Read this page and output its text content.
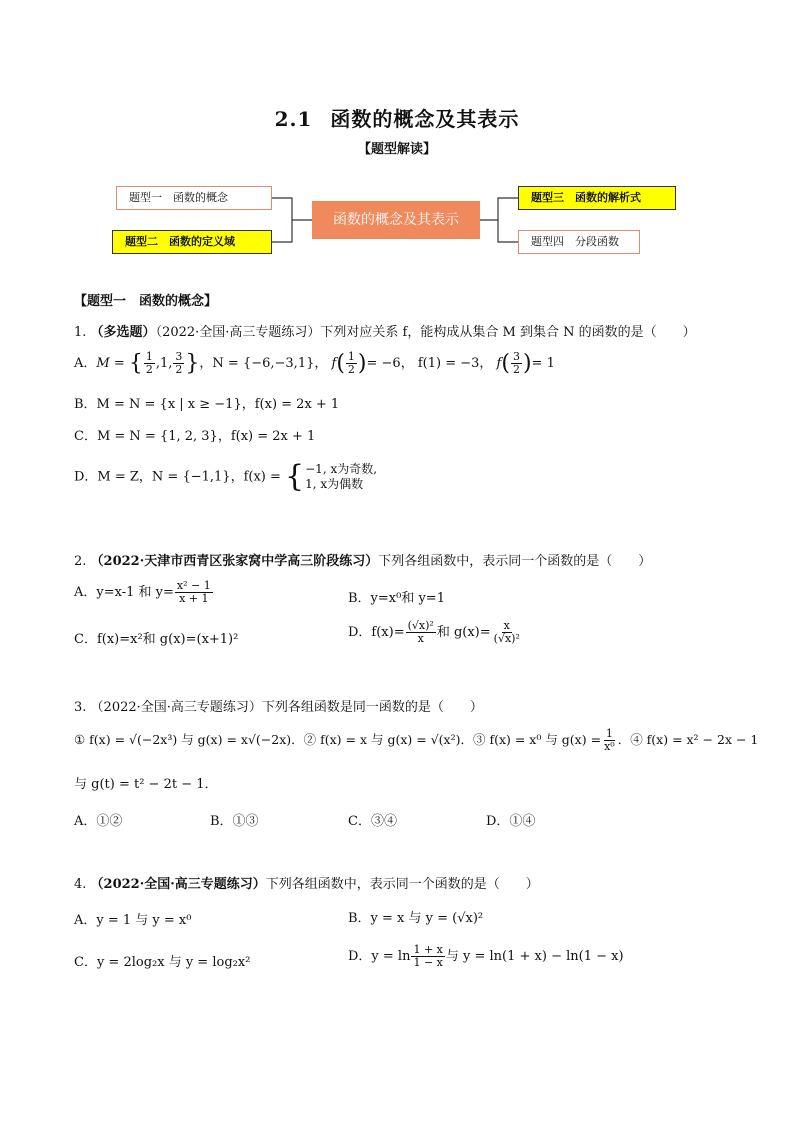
2.1 函数的概念及其表示
【题型解读】
题型一　函数的概念
题型二　函数的定义域
函数的概念及其表示
题型三　函数的解析式
题型四　分段函数
【题型一　函数的概念】
1. （多选题）（2022·全国·高三专题练习）下列对应关系 f，能构成从集合 M 到集合 N 的函数的是（　　）
A．M = { $\frac{1}{2} ,1$, $\frac{3}{2}$ }，N = {−6,−3,1}， $f( \frac{1}{2}$ )= −6， f(1) = −3， $f( \frac{3}{2}$ )= 1
B．M = N = {x | x ≥ −1}，f(x) = 2x + 1
C．M = N = {1, 2, 3}，f(x) = 2x + 1
D．M = Z，N = {−1,1}，f(x) = { −1, x为奇数,
1, x为偶数
2. （2022·天津市西青区张家窝中学高三阶段练习）下列各组函数中，表示同一个函数的是（　　）
A．y=x-1 和 $y= \frac{\text{x² − 1}}{x + 1}$	B．y=x⁰和 y=1
C．f(x)=x²和 g(x)=(x+1)²	D．$f(x)= \frac{\text{(√x)²}}{x}$ 和 $g(x)= \frac{x}{\text{(√x)²}}$
3. （2022·全国·高三专题练习）下列各组函数是同一函数的是（　　）
① f(x) = √(−2x³) 与 g(x) = x√(−2x)．② f(x) = x 与 g(x) = √(x²)．③ f(x) = x⁰ 与 $g(x) = \frac{1}{\text{x⁰}}$ ．④ f(x) = x² − 2x − 1
与 g(t) = t² − 2t − 1．
A．①②	B．①③	C．③④	D．①④
4. （2022·全国·高三专题练习）下列各组函数中，表示同一个函数的是（　　）
A．y = 1 与 y = x⁰	B．y = x 与 y = (√x)²
C．y = 2log₂x 与 y = log₂x²	D．$y = \ln \frac{1 + x}{1 - x}$ 与 y = ln(1 + x) − ln(1 − x)
